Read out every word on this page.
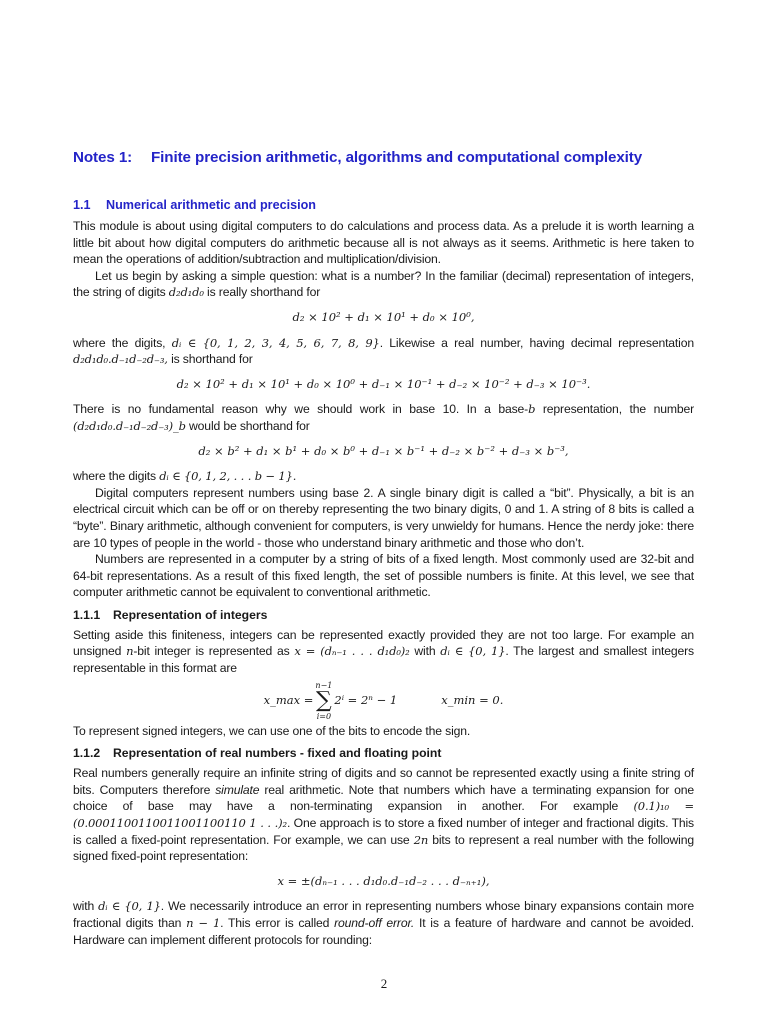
Notes 1: Finite precision arithmetic, algorithms and computational complexity
1.1 Numerical arithmetic and precision

This module is about using digital computers to do calculations and process data. As a prelude it is worth learning a little bit about how digital computers do arithmetic because all is not always as it seems. Arithmetic is here taken to mean the operations of addition/subtraction and multiplication/division.

Let us begin by asking a simple question: what is a number? In the familiar (decimal) representation of integers, the string of digits d₂d₁d₀ is really shorthand for

d₂ × 10² + d₁ × 10¹ + d₀ × 10⁰,

where the digits, dᵢ ∈ {0, 1, 2, 3, 4, 5, 6, 7, 8, 9}. Likewise a real number, having decimal representation d₂d₁d₀.d₋₁d₋₂d₋₃, is shorthand for

d₂ × 10² + d₁ × 10¹ + d₀ × 10⁰ + d₋₁ × 10⁻¹ + d₋₂ × 10⁻² + d₋₃ × 10⁻³.

There is no fundamental reason why we should work in base 10. In a base-b representation, the number (d₂d₁d₀.d₋₁d₋₂d₋₃)_b would be shorthand for

d₂ × b² + d₁ × b¹ + d₀ × b⁰ + d₋₁ × b⁻¹ + d₋₂ × b⁻² + d₋₃ × b⁻³,

where the digits dᵢ ∈ {0, 1, 2, . . . b − 1}.

Digital computers represent numbers using base 2. A single binary digit is called a “bit”. Physically, a bit is an electrical circuit which can be off or on thereby representing the two binary digits, 0 and 1. A string of 8 bits is called a “byte”. Binary arithmetic, although convenient for computers, is very unwieldy for humans. Hence the nerdy joke: there are 10 types of people in the world - those who understand binary arithmetic and those who don’t.

Numbers are represented in a computer by a string of bits of a fixed length. Most commonly used are 32-bit and 64-bit representations. As a result of this fixed length, the set of possible numbers is finite. At this level, we see that computer arithmetic cannot be equivalent to conventional arithmetic.

1.1.1 Representation of integers

Setting aside this finiteness, integers can be represented exactly provided they are not too large. For example an unsigned n-bit integer is represented as x = (dₙ₋₁ . . . d₁d₀)₂ with dᵢ ∈ {0, 1}. The largest and smallest integers representable in this format are

x_max =
n−1
∑
i=0
2ⁱ = 2ⁿ − 1	x_min = 0.

To represent signed integers, we can use one of the bits to encode the sign.

1.1.2 Representation of real numbers - fixed and floating point

Real numbers generally require an infinite string of digits and so cannot be represented exactly using a finite string of bits. Computers therefore simulate real arithmetic. Note that numbers which have a terminating expansion for one choice of base may have a non-terminating expansion in another. For example (0.1)₁₀ = (0.0001100110011001100110 1 . . .)₂. One approach is to store a fixed number of integer and fractional digits. This is called a fixed-point representation. For example, we can use 2n bits to represent a real number with the following signed fixed-point representation:

x = ±(dₙ₋₁ . . . d₁d₀.d₋₁d₋₂ . . . d₋ₙ₊₁),

with dᵢ ∈ {0, 1}. We necessarily introduce an error in representing numbers whose binary expansions contain more fractional digits than n − 1. This error is called round-off error. It is a feature of hardware and cannot be avoided. Hardware can implement different protocols for rounding:

2
